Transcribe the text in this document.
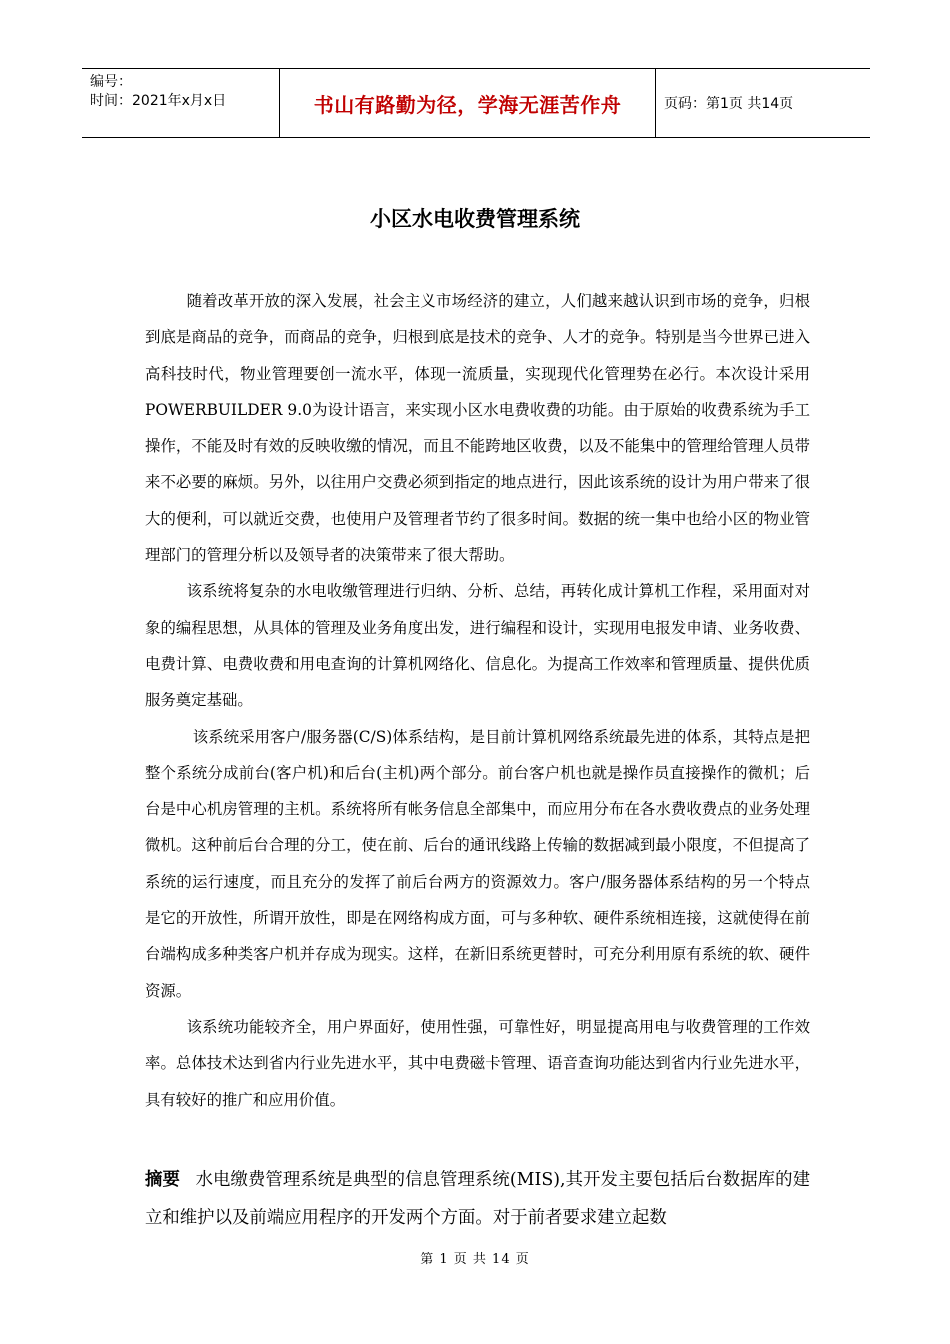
编号：
时间：2021年x月x日	书山有路勤为径，学海无涯苦作舟	页码：第1页 共14页
小区水电收费管理系统

随着改革开放的深入发展，社会主义市场经济的建立，人们越来越认识到市场的竞争，归根到底是商品的竞争，而商品的竞争，归根到底是技术的竞争、人才的竞争。特别是当今世界已进入高科技时代，物业管理要创一流水平，体现一流质量，实现现代化管理势在必行。本次设计采用POWERBUILDER 9.0为设计语言，来实现小区水电费收费的功能。由于原始的收费系统为手工操作，不能及时有效的反映收缴的情况，而且不能跨地区收费，以及不能集中的管理给管理人员带来不必要的麻烦。另外，以往用户交费必须到指定的地点进行，因此该系统的设计为用户带来了很大的便利，可以就近交费，也使用户及管理者节约了很多时间。数据的统一集中也给小区的物业管理部门的管理分析以及领导者的决策带来了很大帮助。

该系统将复杂的水电收缴管理进行归纳、分析、总结，再转化成计算机工作程，采用面对对象的编程思想，从具体的管理及业务角度出发，进行编程和设计，实现用电报发申请、业务收费、电费计算、电费收费和用电查询的计算机网络化、信息化。为提高工作效率和管理质量、提供优质服务奠定基础。

该系统采用客户/服务器(C/S)体系结构，是目前计算机网络系统最先进的体系，其特点是把整个系统分成前台(客户机)和后台(主机)两个部分。前台客户机也就是操作员直接操作的微机；后台是中心机房管理的主机。系统将所有帐务信息全部集中，而应用分布在各水费收费点的业务处理微机。这种前后台合理的分工，使在前、后台的通讯线路上传输的数据减到最小限度，不但提高了系统的运行速度，而且充分的发挥了前后台两方的资源效力。客户/服务器体系结构的另一个特点是它的开放性，所谓开放性，即是在网络构成方面，可与多种软、硬件系统相连接，这就使得在前台端构成多种类客户机并存成为现实。这样，在新旧系统更替时，可充分利用原有系统的软、硬件资源。

该系统功能较齐全，用户界面好，使用性强，可靠性好，明显提高用电与收费管理的工作效率。总体技术达到省内行业先进水平，其中电费磁卡管理、语音查询功能达到省内行业先进水平，具有较好的推广和应用价值。

摘要 水电缴费管理系统是典型的信息管理系统(MIS),其开发主要包括后台数据库的建立和维护以及前端应用程序的开发两个方面。对于前者要求建立起数
第 1 页 共 14 页
